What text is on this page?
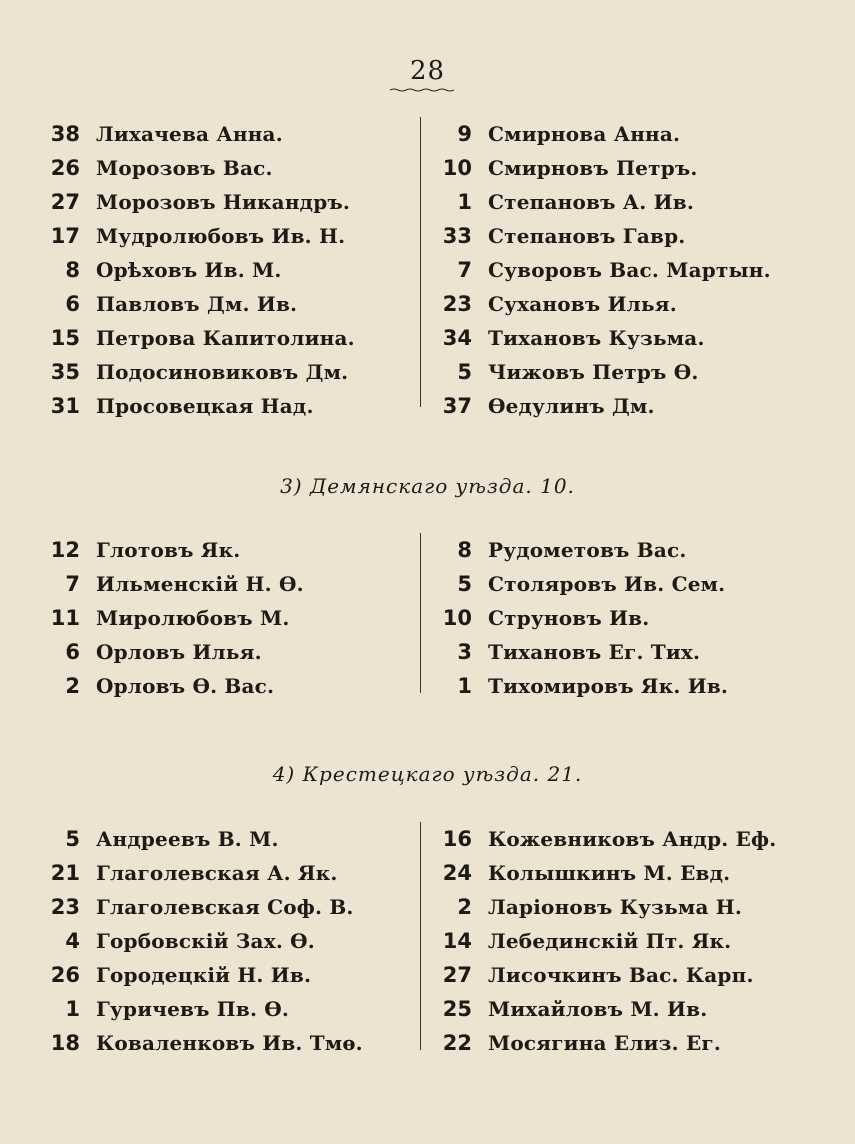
28
38 Лихачева Анна.
26 Морозовъ Вас.
27 Морозовъ Никандръ.
17 Мудролюбовъ Ив. Н.
8 Орѣховъ Ив. М.
6 Павловъ Дм. Ив.
15 Петрова Капитолина.
35 Подосиновиковъ Дм.
31 Просовецкая Над.
9 Смирнова Анна.
10 Смирновъ Петръ.
1 Степановъ А. Ив.
33 Степановъ Гавр.
7 Суворовъ Вас. Мартын.
23 Сухановъ Илья.
34 Тихановъ Кузьма.
5 Чижовъ Петръ Ѳ.
37 Ѳедулинъ Дм.
3) Демянскаго уѣзда. 10.
12 Глотовъ Як.
7 Ильменскій Н. Ѳ.
11 Миролюбовъ М.
6 Орловъ Илья.
2 Орловъ Ѳ. Вас.
8 Рудометовъ Вас.
5 Столяровъ Ив. Сем.
10 Струновъ Ив.
3 Тихановъ Ег. Тих.
1 Тихомировъ Як. Ив.
4) Крестецкаго уѣзда. 21.
5 Андреевъ В. М.
21 Глаголевская А. Як.
23 Глаголевская Соф. В.
4 Горбовскій Зах. Ѳ.
26 Городецкій Н. Ив.
1 Гуричевъ Пв. Ѳ.
18 Коваленковъ Ив. Тмѳ.
16 Кожевниковъ Андр. Еф.
24 Колышкинъ М. Евд.
2 Ларіоновъ Кузьма Н.
14 Лебединскій Пт. Як.
27 Лисочкинъ Вас. Карп.
25 Михайловъ М. Ив.
22 Мосягина Елиз. Ег.
